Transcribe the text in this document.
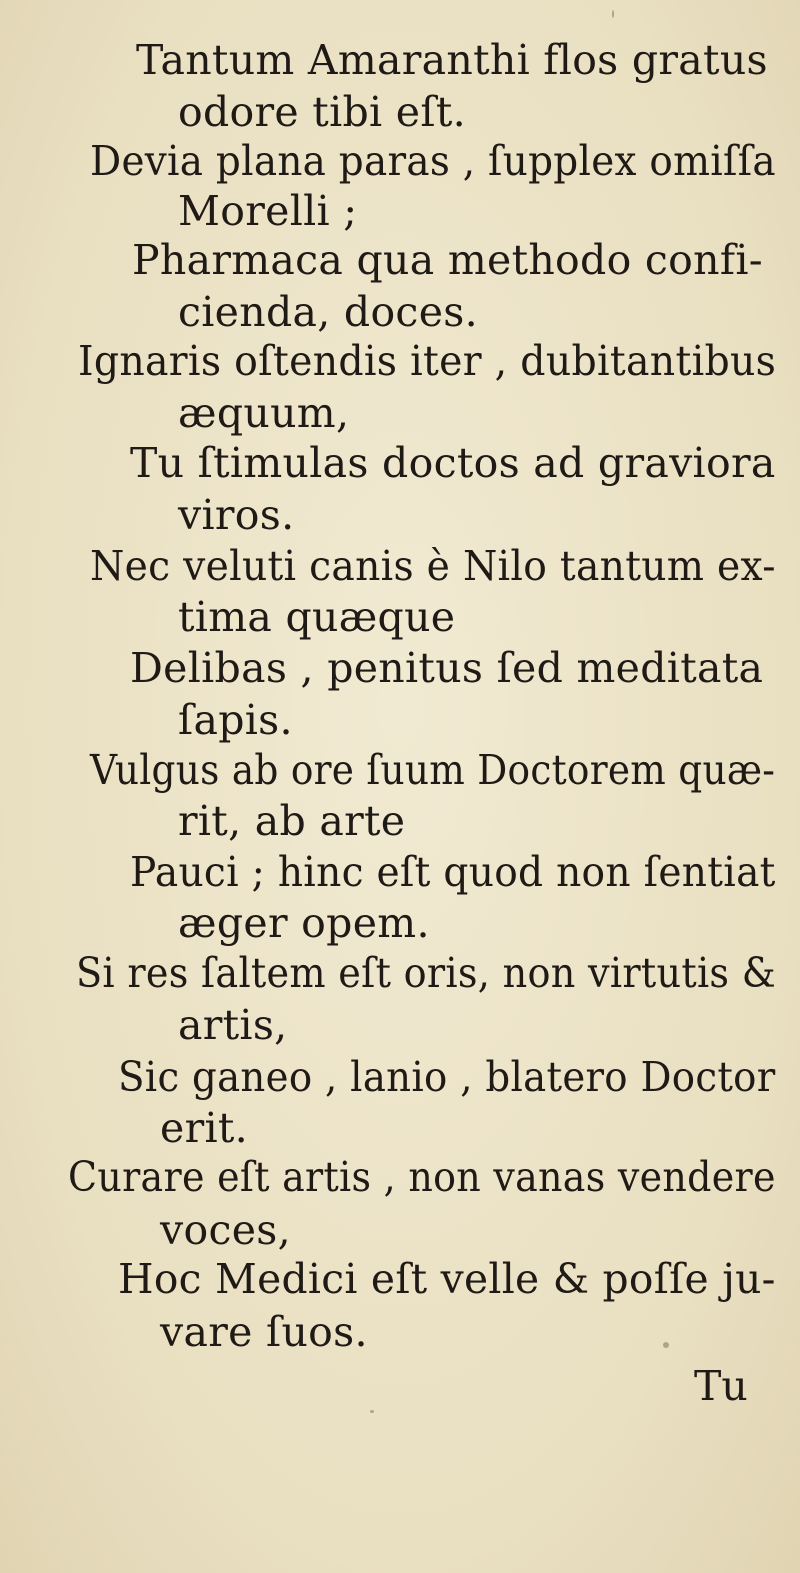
Tantum Amaranthi flos gratus
odore tibi eſt.
Devia plana paras , ſupplex omiſſa
Morelli ;
Pharmaca qua methodo confi-
cienda, doces.
Ignaris oſtendis iter , dubitantibus
æquum,
Tu ſtimulas doctos ad graviora
viros.
Nec veluti canis è Nilo tantum ex-
tima quæque
Delibas , penitus ſed meditata
ſapis.
Vulgus ab ore ſuum Doctorem quæ-
rit, ab arte
Pauci ; hinc eſt quod non ſentiat
æger opem.
Si res ſaltem eſt oris, non virtutis &
artis,
Sic ganeo , lanio , blatero Doctor
erit.
Curare eſt artis , non vanas vendere
voces,
Hoc Medici eſt velle & poſſe ju-
vare ſuos.
Tu
